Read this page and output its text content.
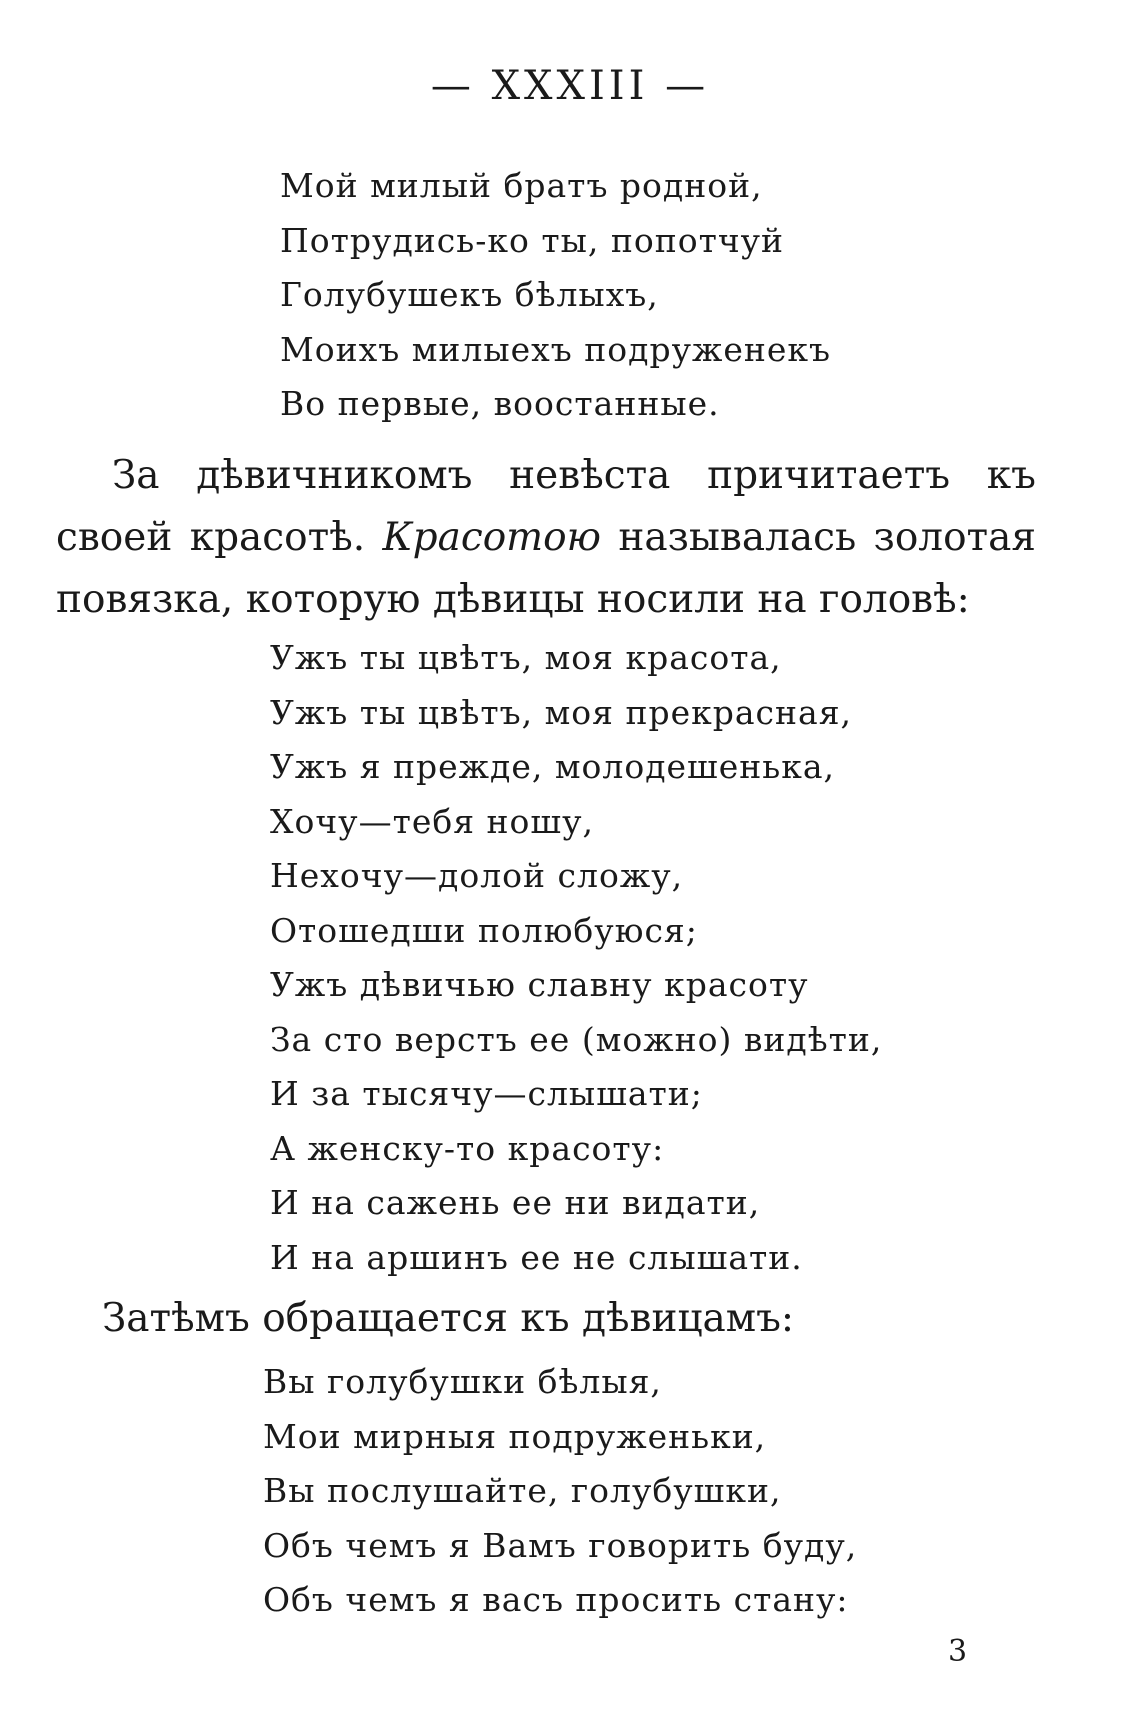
— XXXIII —
Мой милый братъ родной,
Потрудись-ко ты, попотчуй
Голубушекъ бѣлыхъ,
Моихъ милыехъ подруженекъ
Во первые, воостанные.

За дѣвичникомъ невѣста причитаетъ къ своей красотѣ. Красотою называлась золотая повязка, которую дѣвицы носили на головѣ:

Ужъ ты цвѣтъ, моя красота,
Ужъ ты цвѣтъ, моя прекрасная,
Ужъ я прежде, молодешенька,
Хочу—тебя ношу,
Нехочу—долой сложу,
Отошедши полюбуюся;
Ужъ дѣвичью славну красоту
За сто верстъ ее (можно) видѣти,
И за тысячу—слышати;
А женску-то красоту:
И на сажень ее ни видати,
И на аршинъ ее не слышати.

Затѣмъ обращается къ дѣвицамъ:

Вы голубушки бѣлыя,
Мои мирныя подруженьки,
Вы послушайте, голубушки,
Объ чемъ я Вамъ говорить буду,
Объ чемъ я васъ просить стану:
3
